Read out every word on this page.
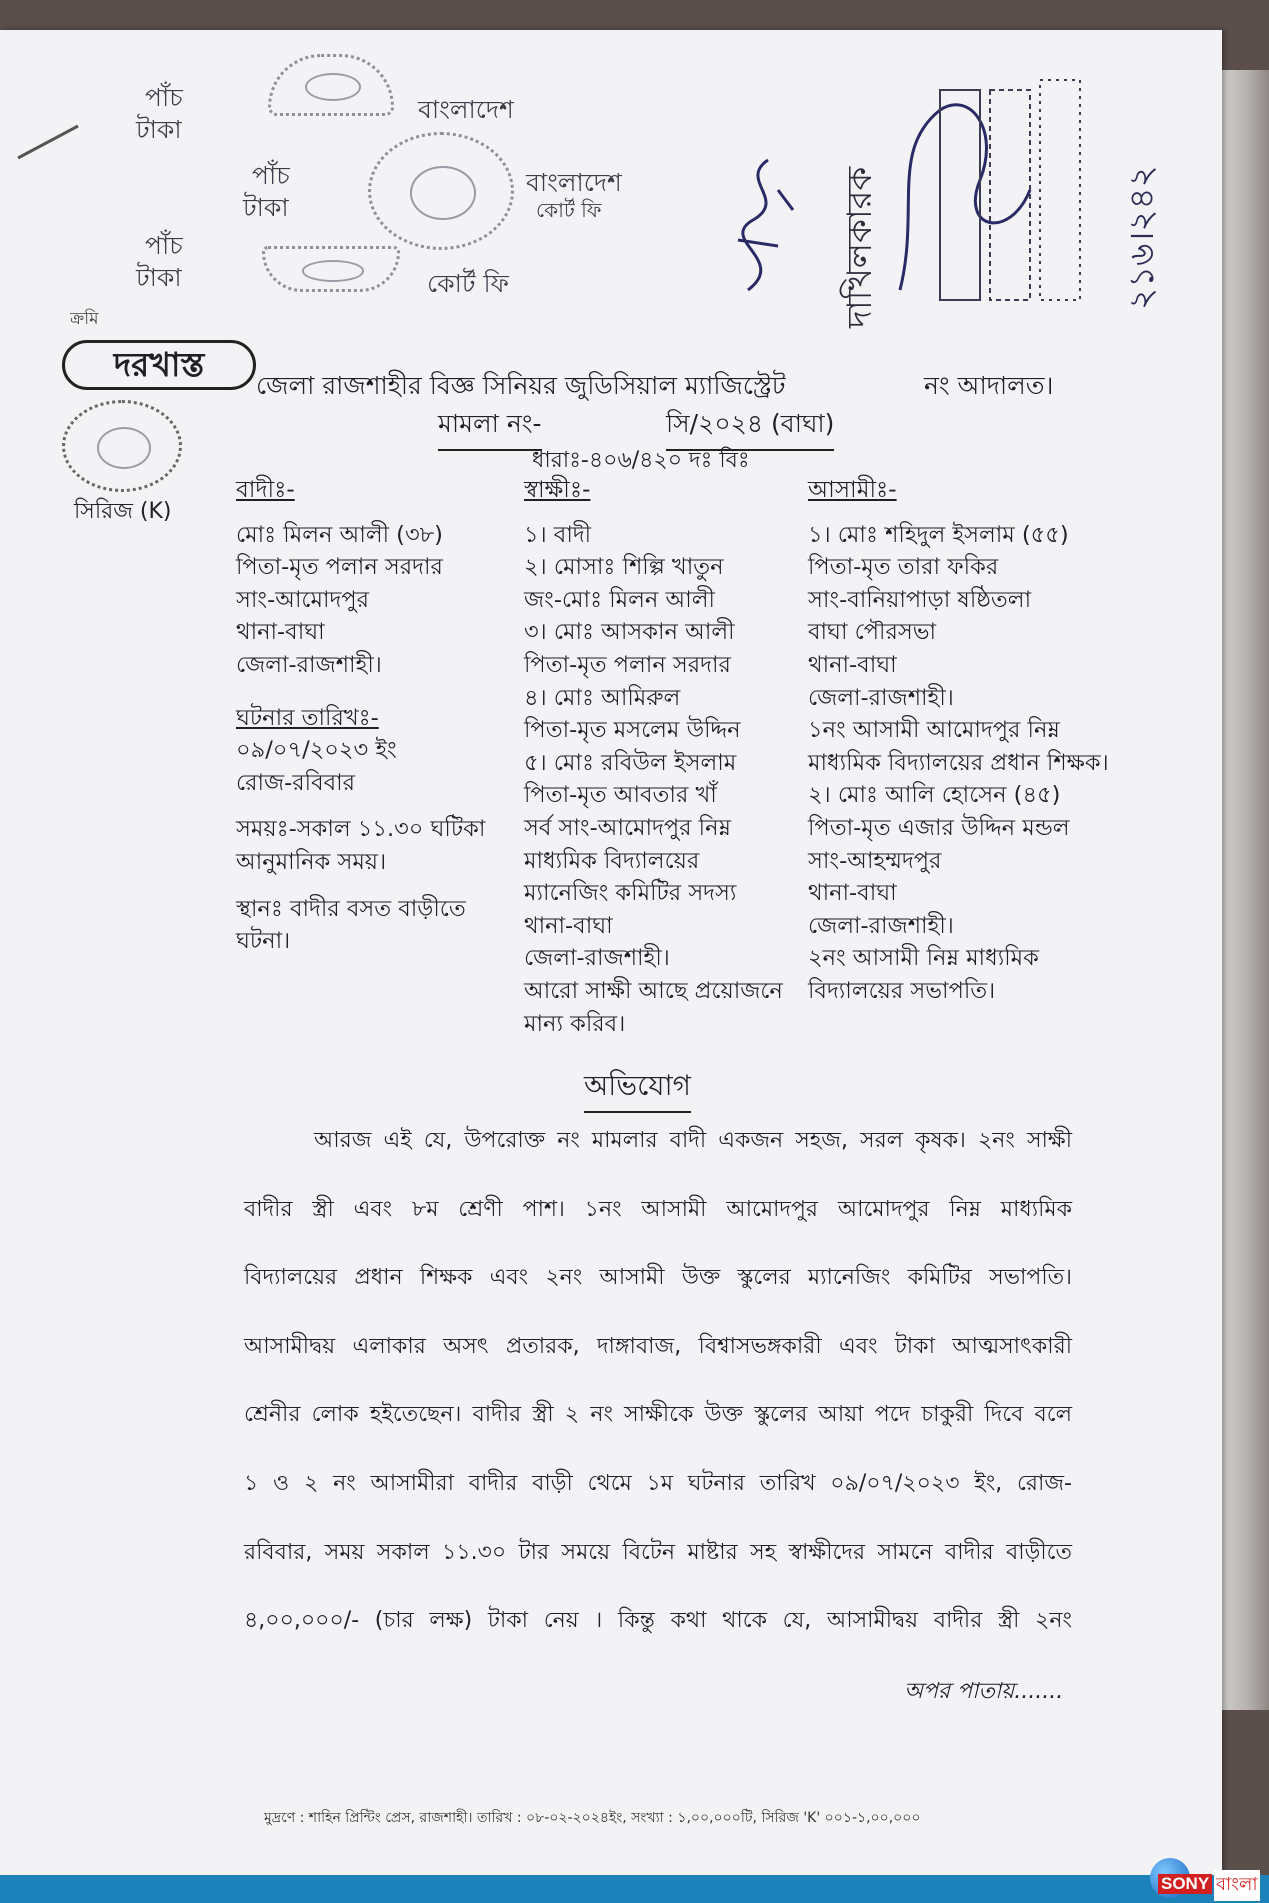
পাঁচ
টাকা
বাংলাদেশ
পাঁচ
টাকা
বাংলাদেশ
কোর্ট ফি
পাঁচ
টাকা	কোর্ট ফি	দাখিলকারক	২১৬।২৪২
ক্রমি
দরখাস্ত
সিরিজ (K)
জেলা রাজশাহীর বিজ্ঞ সিনিয়র জুডিসিয়াল ম্যাজিস্ট্রেট	নং আদালত।
মামলা নং-	সি/২০২৪ (বাঘা)
ধারাঃ-৪০৬/৪২০ দঃ বিঃ
বাদীঃ-
মোঃ মিলন আলী (৩৮)
পিতা-মৃত পলান সরদার
সাং-আমোদপুর
থানা-বাঘা
জেলা-রাজশাহী।
ঘটনার তারিখঃ-
০৯/০৭/২০২৩ ইং
রোজ-রবিবার
সময়ঃ-সকাল ১১.৩০ ঘটিকা
আনুমানিক সময়।
স্থানঃ বাদীর বসত বাড়ীতে
ঘটনা।
স্বাক্ষীঃ-
১। বাদী
২। মোসাঃ শিল্পি খাতুন
জং-মোঃ মিলন আলী
৩। মোঃ আসকান আলী
পিতা-মৃত পলান সরদার
৪। মোঃ আমিরুল
পিতা-মৃত মসলেম উদ্দিন
৫। মোঃ রবিউল ইসলাম
পিতা-মৃত আবতার খাঁ
সর্ব সাং-আমোদপুর নিম্ন
মাধ্যমিক বিদ্যালয়ের
ম্যানেজিং কমিটির সদস্য
থানা-বাঘা
জেলা-রাজশাহী।
আরো সাক্ষী আছে প্রয়োজনে
মান্য করিব।
আসামীঃ-
১। মোঃ শহিদুল ইসলাম (৫৫)
পিতা-মৃত তারা ফকির
সাং-বানিয়াপাড়া ষষ্ঠিতলা
বাঘা পৌরসভা
থানা-বাঘা
জেলা-রাজশাহী।
১নং আসামী আমোদপুর নিম্ন
মাধ্যমিক বিদ্যালয়ের প্রধান শিক্ষক।
২। মোঃ আলি হোসেন (৪৫)
পিতা-মৃত এজার উদ্দিন মন্ডল
সাং-আহম্মদপুর
থানা-বাঘা
জেলা-রাজশাহী।
২নং আসামী নিম্ন মাধ্যমিক
বিদ্যালয়ের সভাপতি।
অভিযোগ
আরজ এই যে, উপরোক্ত নং মামলার বাদী একজন সহজ, সরল কৃষক। ২নং সাক্ষী
বাদীর স্ত্রী এবং ৮ম শ্রেণী পাশ। ১নং আসামী আমোদপুর আমোদপুর নিম্ন মাধ্যমিক
বিদ্যালয়ের প্রধান শিক্ষক এবং ২নং আসামী উক্ত স্কুলের ম্যানেজিং কমিটির সভাপতি।
আসামীদ্বয় এলাকার অসৎ প্রতারক, দাঙ্গাবাজ, বিশ্বাসভঙ্গকারী এবং টাকা আত্মসাৎকারী
শ্রেনীর লোক হইতেছেন। বাদীর স্ত্রী ২ নং সাক্ষীকে উক্ত স্কুলের আয়া পদে চাকুরী দিবে বলে
১ ও ২ নং আসামীরা বাদীর বাড়ী থেমে ১ম ঘটনার তারিখ ০৯/০৭/২০২৩ ইং, রোজ-
রবিবার, সময় সকাল ১১.৩০ টার সময়ে বিটেন মাষ্টার সহ স্বাক্ষীদের সামনে বাদীর বাড়ীতে
৪,০০,০০০/- (চার লক্ষ) টাকা নেয় । কিন্তু কথা থাকে যে, আসামীদ্বয় বাদীর স্ত্রী ২নং
অপর পাতায়.......
মুদ্রণে : শাহিন প্রিন্টিং প্রেস, রাজশাহী। তারিখ : ০৮-০২-২০২৪ইং, সংখ্যা : ১,০০,০০০টি, সিরিজ 'K' ০০১-১,০০,০০০
SONY বাংলা
